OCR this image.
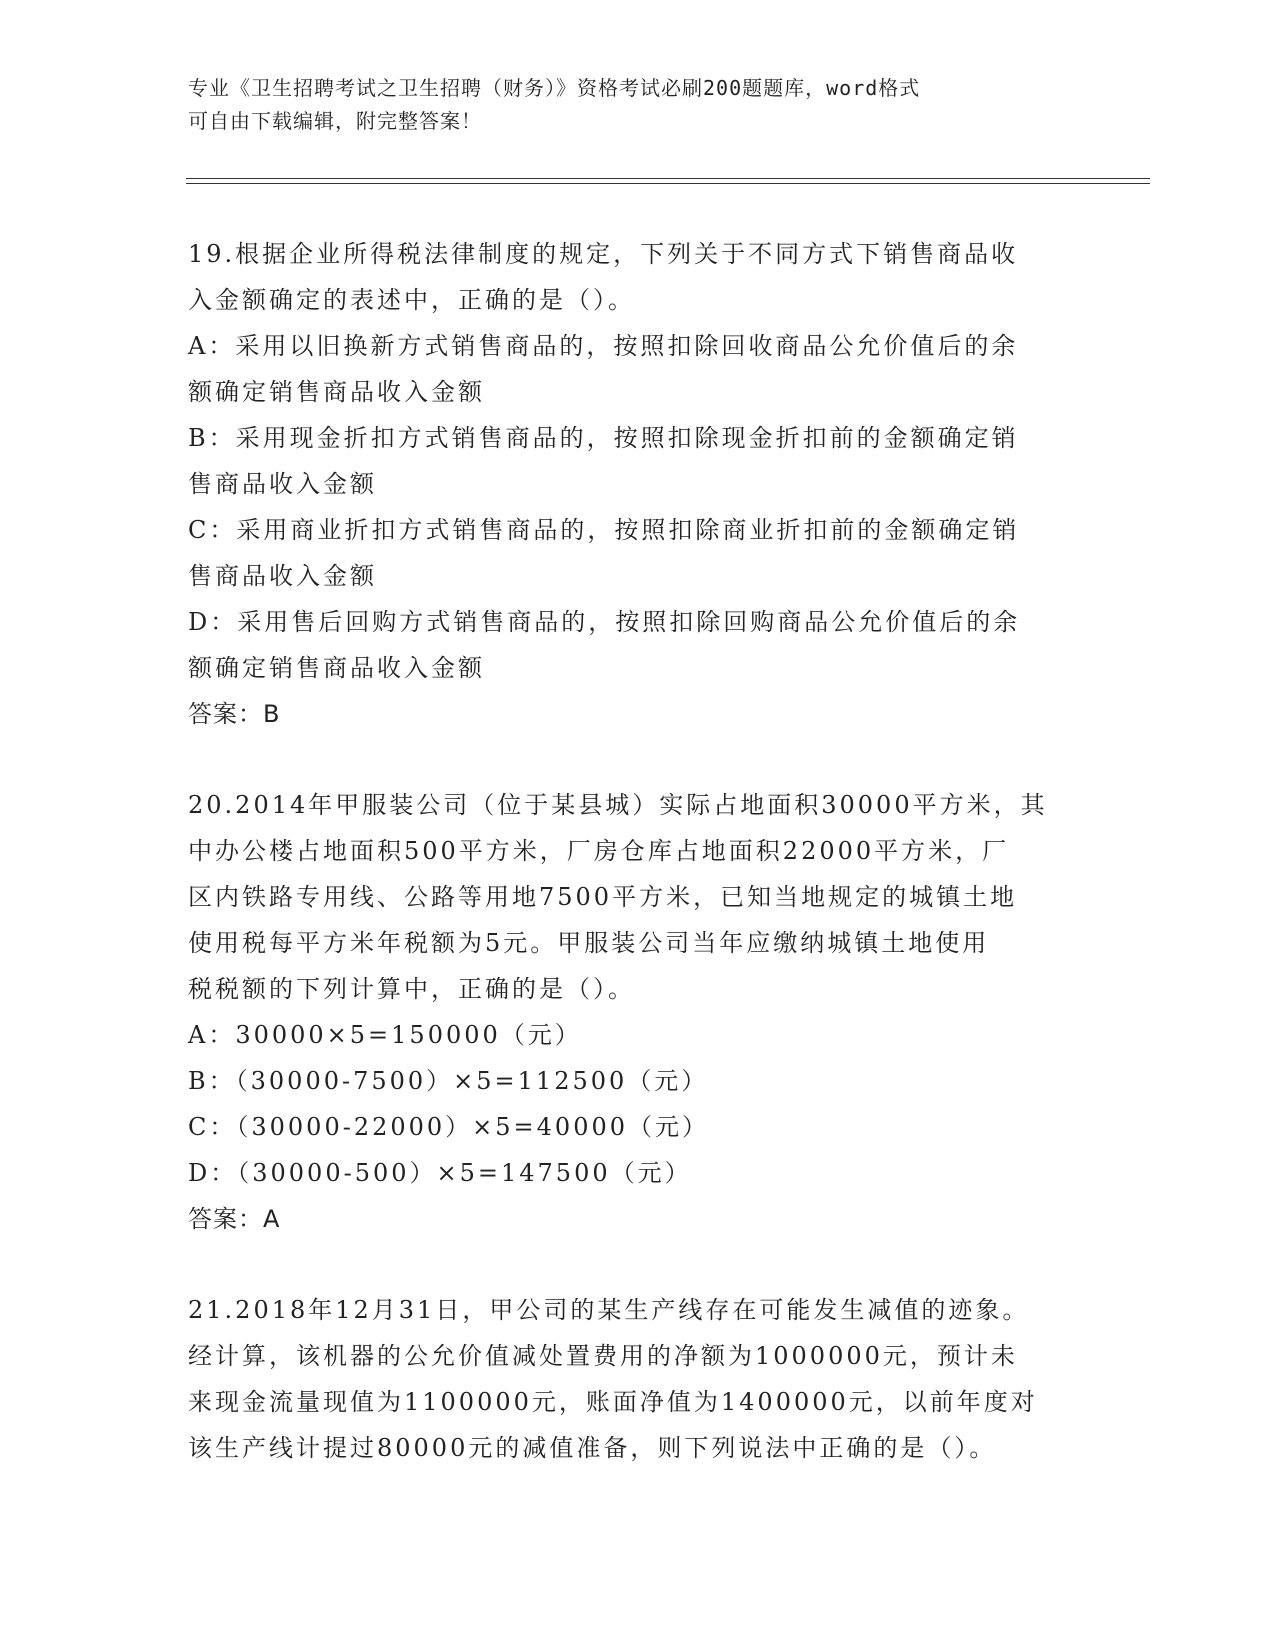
专业《卫生招聘考试之卫生招聘（财务）》资格考试必刷200题题库，word格式
可自由下载编辑，附完整答案！
19.根据企业所得税法律制度的规定，下列关于不同方式下销售商品收
入金额确定的表述中，正确的是（）。
A：采用以旧换新方式销售商品的，按照扣除回收商品公允价值后的余
额确定销售商品收入金额
B：采用现金折扣方式销售商品的，按照扣除现金折扣前的金额确定销
售商品收入金额
C：采用商业折扣方式销售商品的，按照扣除商业折扣前的金额确定销
售商品收入金额
D：采用售后回购方式销售商品的，按照扣除回购商品公允价值后的余
额确定销售商品收入金额
答案：B
20.2014年甲服装公司（位于某县城）实际占地面积30000平方米，其
中办公楼占地面积500平方米，厂房仓库占地面积22000平方米，厂
区内铁路专用线、公路等用地7500平方米，已知当地规定的城镇土地
使用税每平方米年税额为5元。甲服装公司当年应缴纳城镇土地使用
税税额的下列计算中，正确的是（）。
A：30000×5=150000（元）
B：（30000-7500）×5=112500（元）
C：（30000-22000）×5=40000（元）
D：（30000-500）×5=147500（元）
答案：A
21.2018年12月31日，甲公司的某生产线存在可能发生减值的迹象。
经计算，该机器的公允价值减处置费用的净额为1000000元，预计未
来现金流量现值为1100000元，账面净值为1400000元，以前年度对
该生产线计提过80000元的减值准备，则下列说法中正确的是（）。
